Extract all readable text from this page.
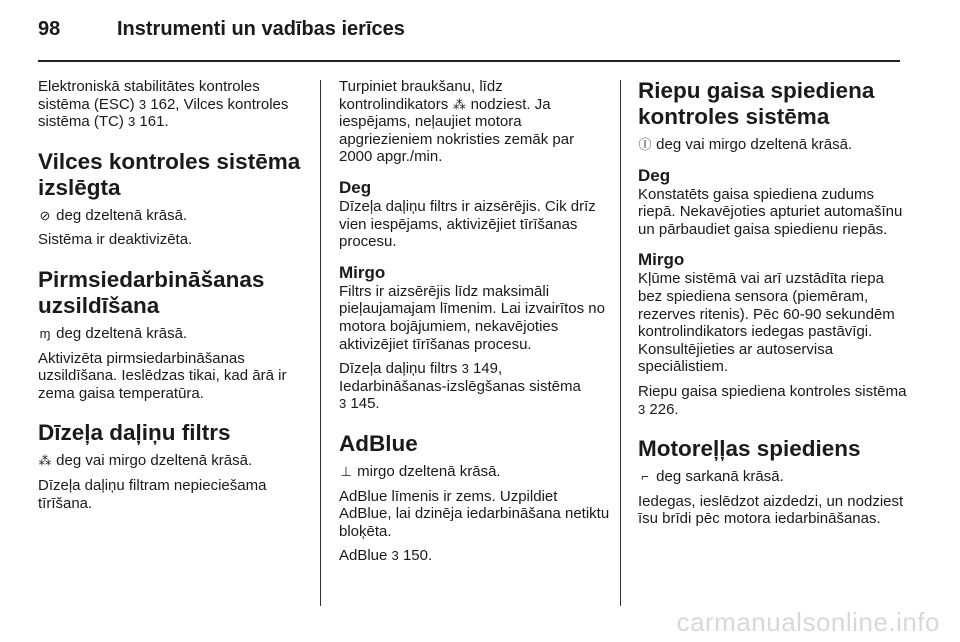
98	Instrumenti un vadības ierīces

Elektroniskā stabilitātes kontroles sistēma (ESC) 3 162, Vilces kontroles sistēma (TC) 3 161.

Vilces kontroles sistēma izslēgta

⊘ deg dzeltenā krāsā.

Sistēma ir deaktivizēta.

Pirmsiedarbināšanas uzsildīšana

ɱ deg dzeltenā krāsā.

Aktivizēta pirmsiedarbināšanas uzsildīšana. Ieslēdzas tikai, kad ārā ir zema gaisa temperatūra.

Dīzeļa daļiņu filtrs

⁂ deg vai mirgo dzeltenā krāsā.

Dīzeļa daļiņu filtram nepieciešama tīrīšana.

Turpiniet braukšanu, līdz kontrolindikators ⁂ nodziest. Ja iespējams, neļaujiet motora apgriezieniem nokristies zemāk par 2000 apgr./min.

Deg

Dīzeļa daļiņu filtrs ir aizsērējis. Cik drīz vien iespējams, aktivizējiet tīrīšanas procesu.

Mirgo

Filtrs ir aizsērējis līdz maksimāli pieļaujamajam līmenim. Lai izvairītos no motora bojājumiem, nekavējoties aktivizējiet tīrīšanas procesu.

Dīzeļa daļiņu filtrs 3 149,
Iedarbināšanas-izslēgšanas sistēma
3 145.

AdBlue

⊥ mirgo dzeltenā krāsā.

AdBlue līmenis ir zems. Uzpildiet AdBlue, lai dzinēja iedarbināšana netiktu bloķēta.

AdBlue 3 150.

Riepu gaisa spiediena kontroles sistēma

Ⓘ deg vai mirgo dzeltenā krāsā.

Deg

Konstatēts gaisa spiediena zudums riepā. Nekavējoties apturiet automašīnu un pārbaudiet gaisa spiedienu riepās.

Mirgo

Kļūme sistēmā vai arī uzstādīta riepa bez spiediena sensora (piemēram, rezerves ritenis). Pēc 60-90 sekundēm kontrolindikators iedegas pastāvīgi. Konsultējieties ar autoservisa speciālistiem.

Riepu gaisa spiediena kontroles sistēma 3 226.

Motoreļļas spiediens

⌐ deg sarkanā krāsā.

Iedegas, ieslēdzot aizdedzi, un nodziest īsu brīdi pēc motora iedarbināšanas.

carmanualsonline.info
